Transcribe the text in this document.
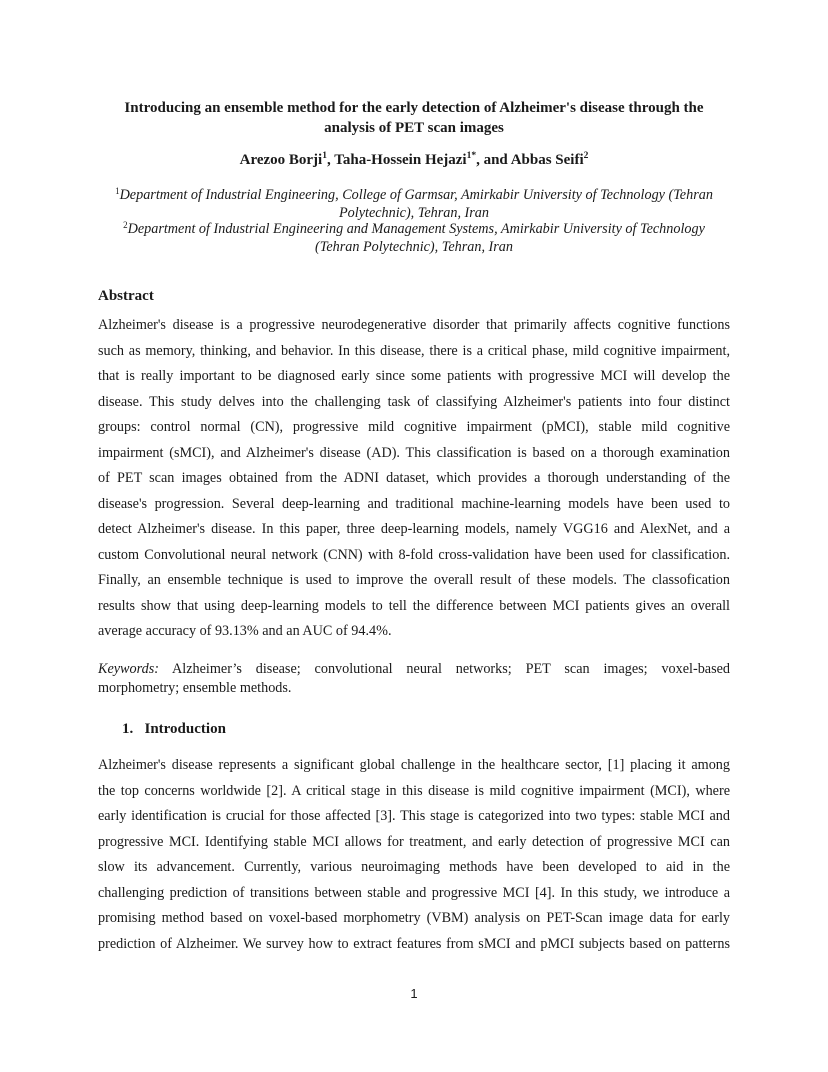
Introducing an ensemble method for the early detection of Alzheimer's disease through the
analysis of PET scan images
Arezoo Borji$^1$, Taha-Hossein Hejazi$^{1*}$, and Abbas Seifi$^2$
$^1$Department of Industrial Engineering, College of Garmsar, Amirkabir University of Technology (Tehran
Polytechnic), Tehran, Iran
$^2$Department of Industrial Engineering and Management Systems, Amirkabir University of Technology
(Tehran Polytechnic), Tehran, Iran
Abstract
Alzheimer's disease is a progressive neurodegenerative disorder that primarily affects cognitive functions
such as memory, thinking, and behavior. In this disease, there is a critical phase, mild cognitive impairment,
that is really important to be diagnosed early since some patients with progressive MCI will develop the
disease. This study delves into the challenging task of classifying Alzheimer's patients into four distinct
groups: control normal (CN), progressive mild cognitive impairment (pMCI), stable mild cognitive
impairment (sMCI), and Alzheimer's disease (AD). This classification is based on a thorough examination
of PET scan images obtained from the ADNI dataset, which provides a thorough understanding of the
disease's progression. Several deep-learning and traditional machine-learning models have been used to
detect Alzheimer's disease. In this paper, three deep-learning models, namely VGG16 and AlexNet, and a
custom Convolutional neural network (CNN) with 8-fold cross-validation have been used for classification.
Finally, an ensemble technique is used to improve the overall result of these models. The classofication
results show that using deep-learning models to tell the difference between MCI patients gives an overall
average accuracy of 93.13% and an AUC of 94.4%.
Keywords: Alzheimer’s disease; convolutional neural networks; PET scan images; voxel-based
morphometry; ensemble methods.
1.   Introduction
Alzheimer's disease represents a significant global challenge in the healthcare sector, [1] placing it among
the top concerns worldwide [2]. A critical stage in this disease is mild cognitive impairment (MCI), where
early identification is crucial for those affected [3]. This stage is categorized into two types: stable MCI and
progressive MCI. Identifying stable MCI allows for treatment, and early detection of progressive MCI can
slow its advancement. Currently, various neuroimaging methods have been developed to aid in the
challenging prediction of transitions between stable and progressive MCI [4]. In this study, we introduce a
promising method based on voxel-based morphometry (VBM) analysis on PET-Scan image data for early
prediction of Alzheimer. We survey how to extract features from sMCI and pMCI subjects based on patterns
1
